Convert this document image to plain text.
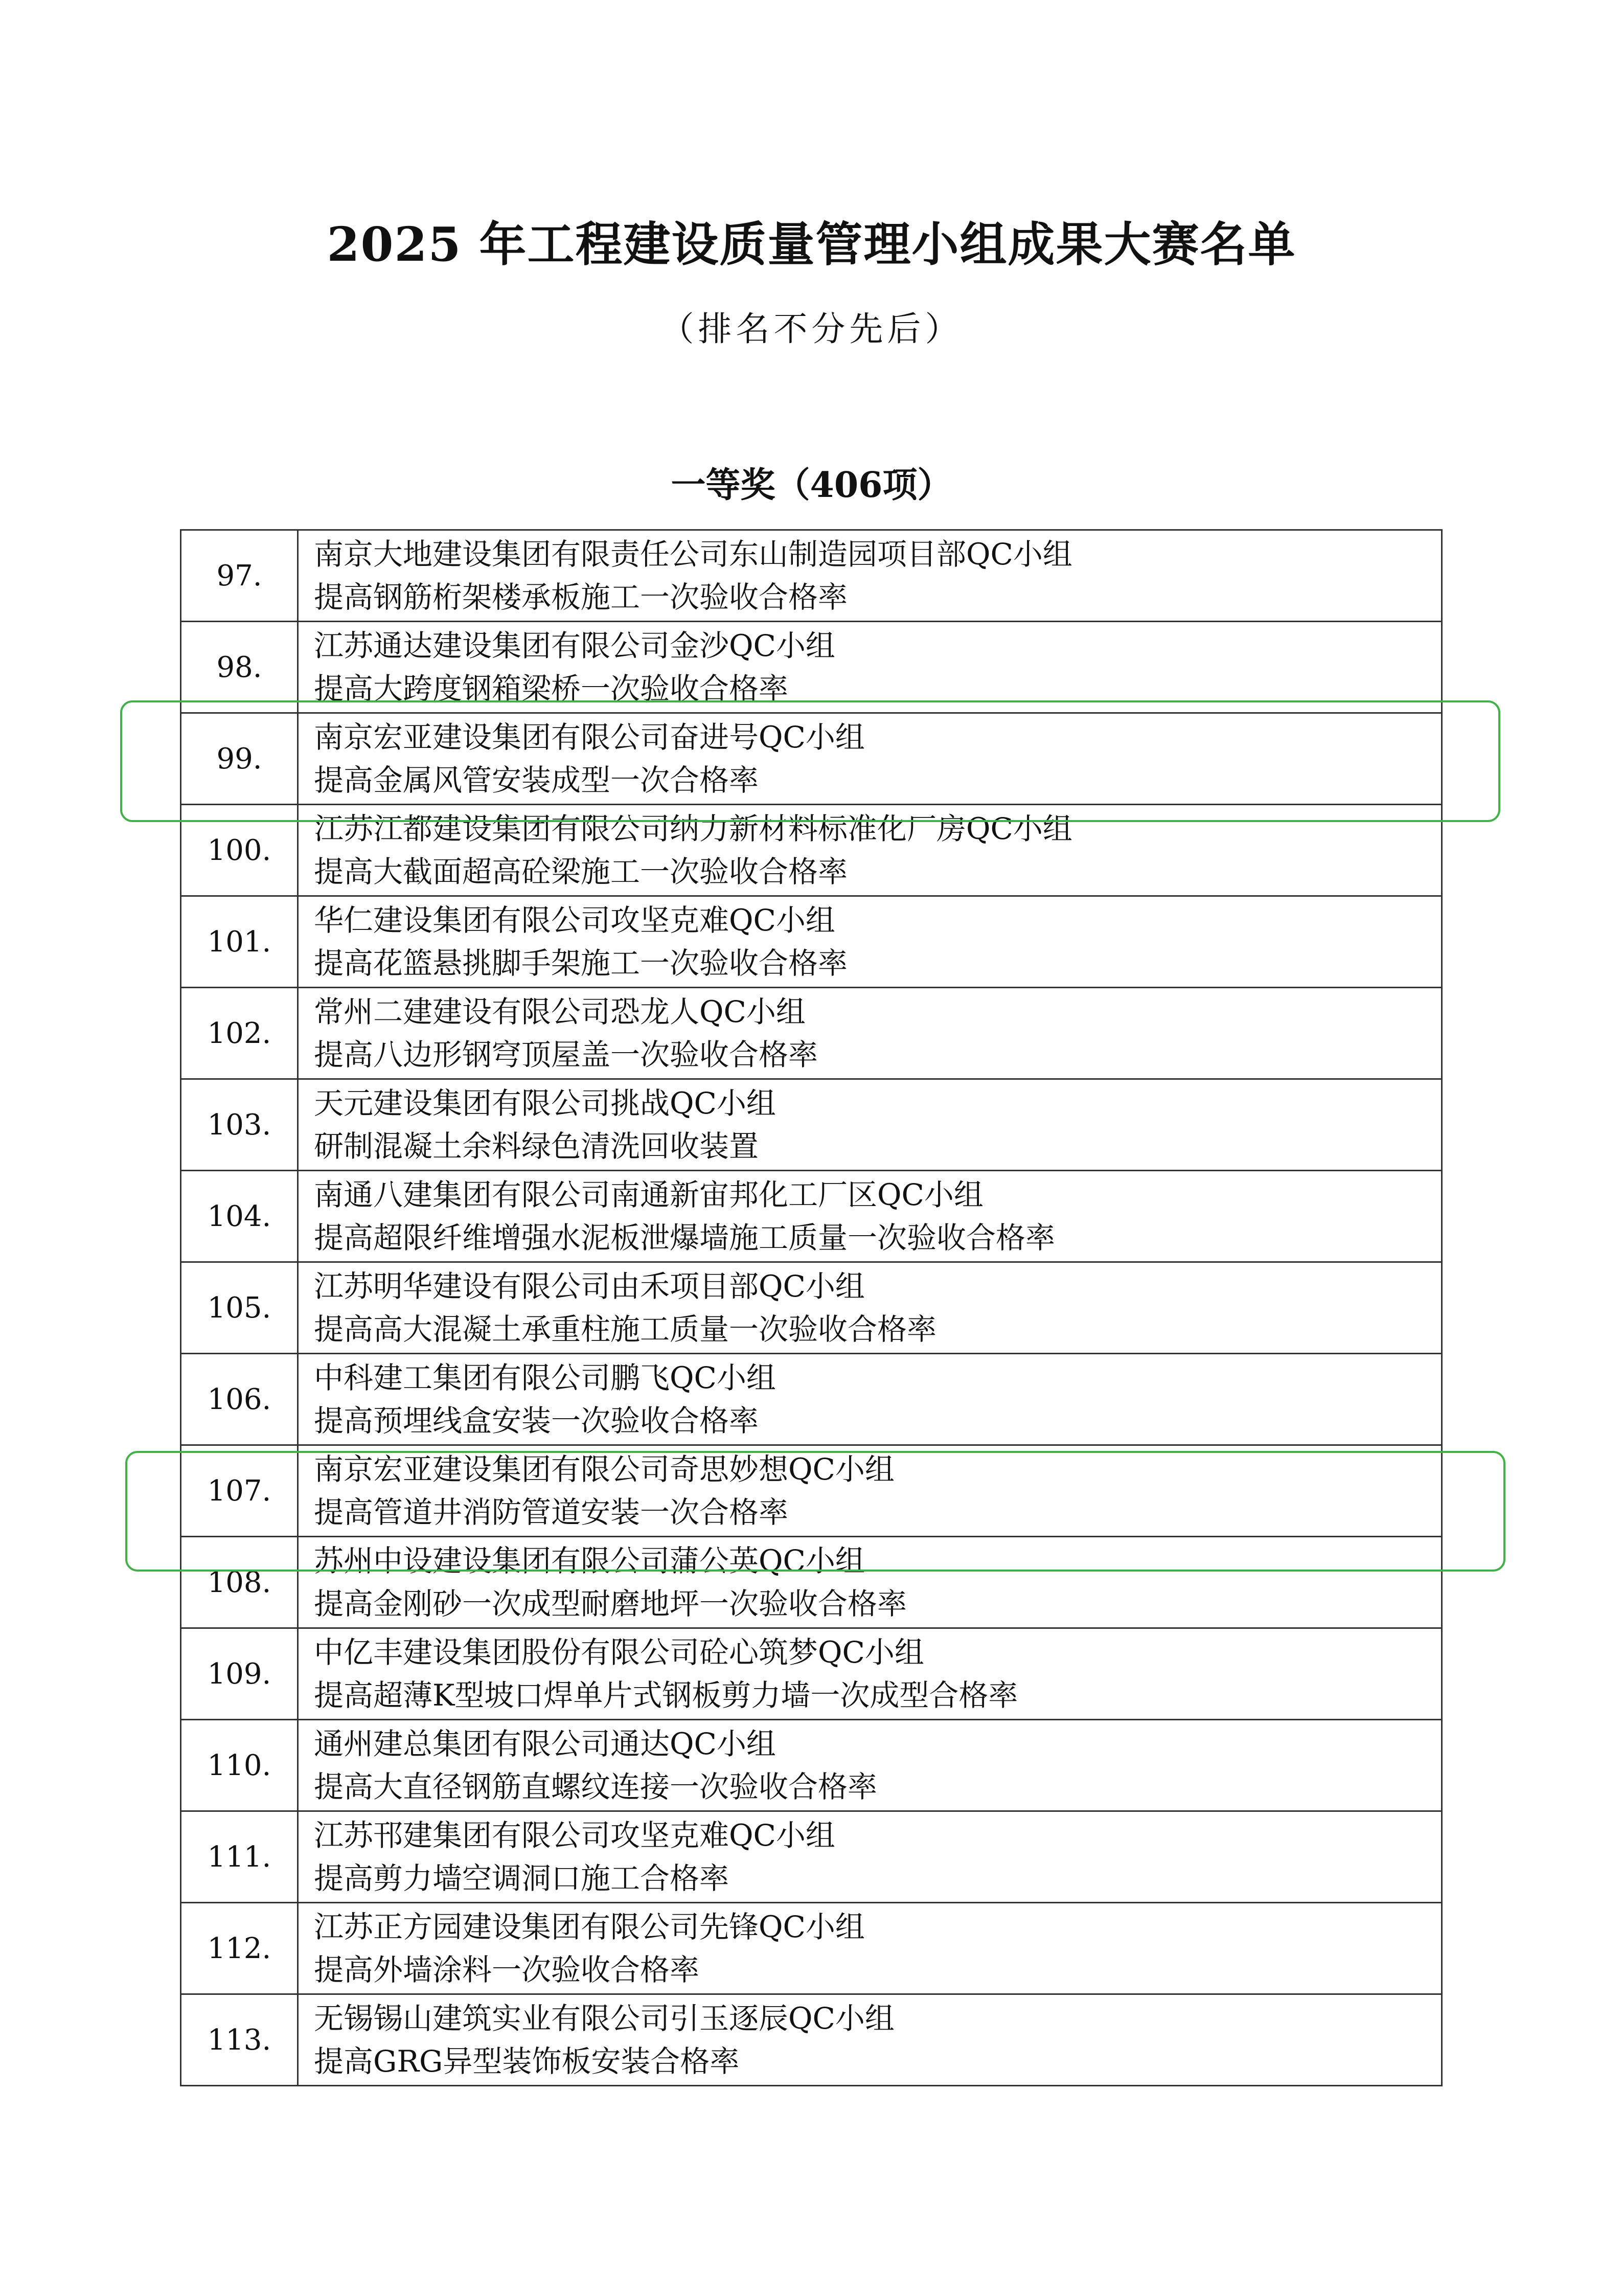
2025 年工程建设质量管理小组成果大赛名单
（排名不分先后）
一等奖（406项）
97.	南京大地建设集团有限责任公司东山制造园项目部QC小组
提高钢筋桁架楼承板施工一次验收合格率

98.	江苏通达建设集团有限公司金沙QC小组
提高大跨度钢箱梁桥一次验收合格率

99.	南京宏亚建设集团有限公司奋进号QC小组
提高金属风管安装成型一次合格率

100.	江苏江都建设集团有限公司纳力新材料标准化厂房QC小组
提高大截面超高砼梁施工一次验收合格率

101.	华仁建设集团有限公司攻坚克难QC小组
提高花篮悬挑脚手架施工一次验收合格率

102.	常州二建建设有限公司恐龙人QC小组
提高八边形钢穹顶屋盖一次验收合格率

103.	天元建设集团有限公司挑战QC小组
研制混凝土余料绿色清洗回收装置

104.	南通八建集团有限公司南通新宙邦化工厂区QC小组
提高超限纤维增强水泥板泄爆墙施工质量一次验收合格率

105.	江苏明华建设有限公司由禾项目部QC小组
提高高大混凝土承重柱施工质量一次验收合格率

106.	中科建工集团有限公司鹏飞QC小组
提高预埋线盒安装一次验收合格率

107.	南京宏亚建设集团有限公司奇思妙想QC小组
提高管道井消防管道安装一次合格率

108.	苏州中设建设集团有限公司蒲公英QC小组
提高金刚砂一次成型耐磨地坪一次验收合格率

109.	中亿丰建设集团股份有限公司砼心筑梦QC小组
提高超薄K型坡口焊单片式钢板剪力墙一次成型合格率

110.	通州建总集团有限公司通达QC小组
提高大直径钢筋直螺纹连接一次验收合格率

111.	江苏邗建集团有限公司攻坚克难QC小组
提高剪力墙空调洞口施工合格率

112.	江苏正方园建设集团有限公司先锋QC小组
提高外墙涂料一次验收合格率

113.	无锡锡山建筑实业有限公司引玉逐辰QC小组
提高GRG异型装饰板安装合格率
